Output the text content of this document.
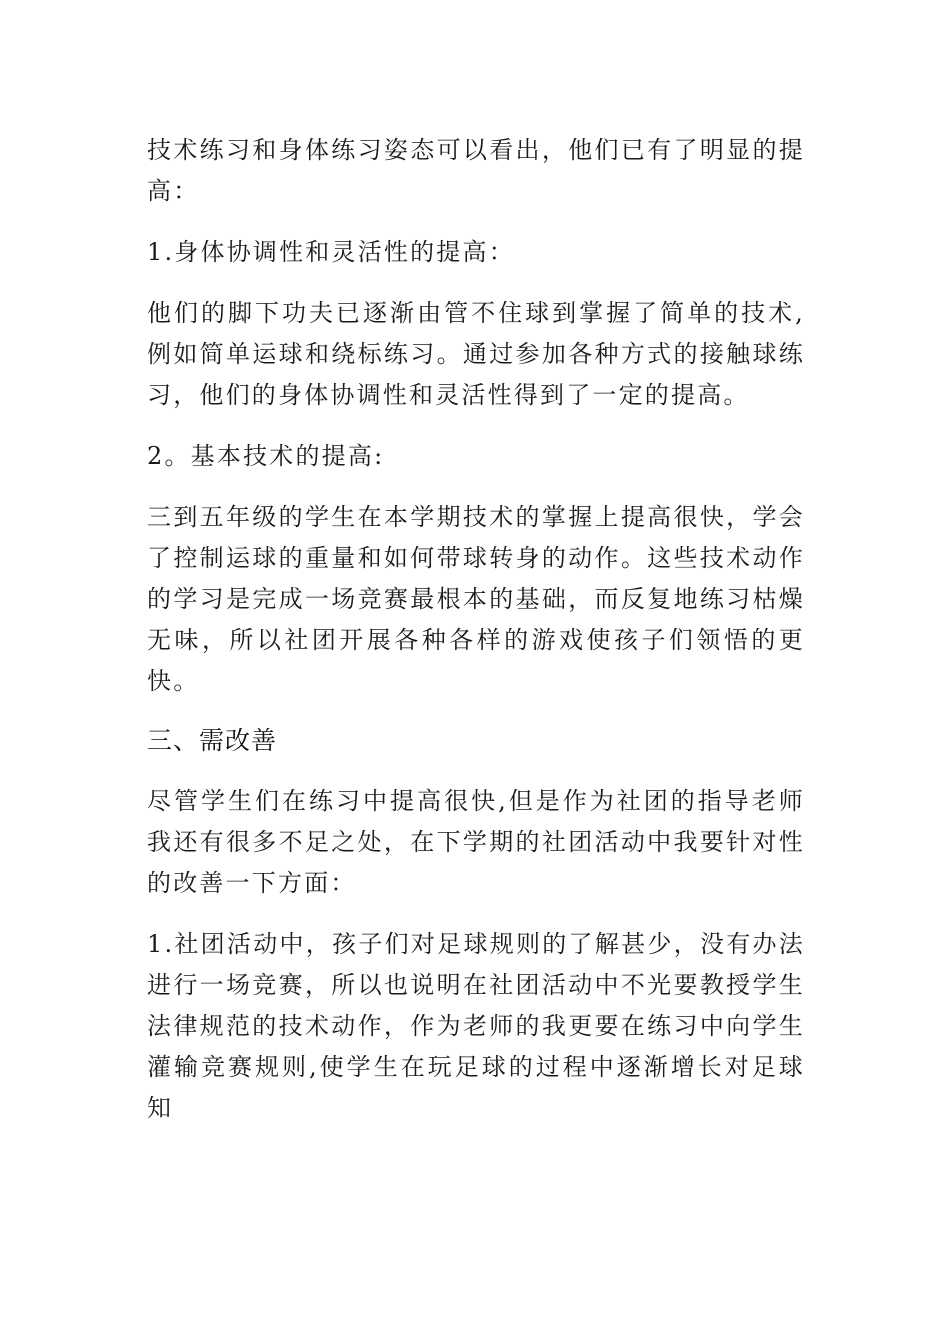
技术练习和身体练习姿态可以看出，他们已有了明显的提高：

1.身体协调性和灵活性的提高：

他们的脚下功夫已逐渐由管不住球到掌握了简单的技术,例如简单运球和绕标练习。通过参加各种方式的接触球练习，他们的身体协调性和灵活性得到了一定的提高。

2。基本技术的提高:

三到五年级的学生在本学期技术的掌握上提高很快，学会了控制运球的重量和如何带球转身的动作。这些技术动作的学习是完成一场竞赛最根本的基础，而反复地练习枯燥无味，所以社团开展各种各样的游戏使孩子们领悟的更快。

三、需改善

尽管学生们在练习中提高很快,但是作为社团的指导老师我还有很多不足之处，在下学期的社团活动中我要针对性的改善一下方面：

1.社团活动中，孩子们对足球规则的了解甚少，没有办法进行一场竞赛，所以也说明在社团活动中不光要教授学生法律规范的技术动作，作为老师的我更要在练习中向学生灌输竞赛规则,使学生在玩足球的过程中逐渐增长对足球知
